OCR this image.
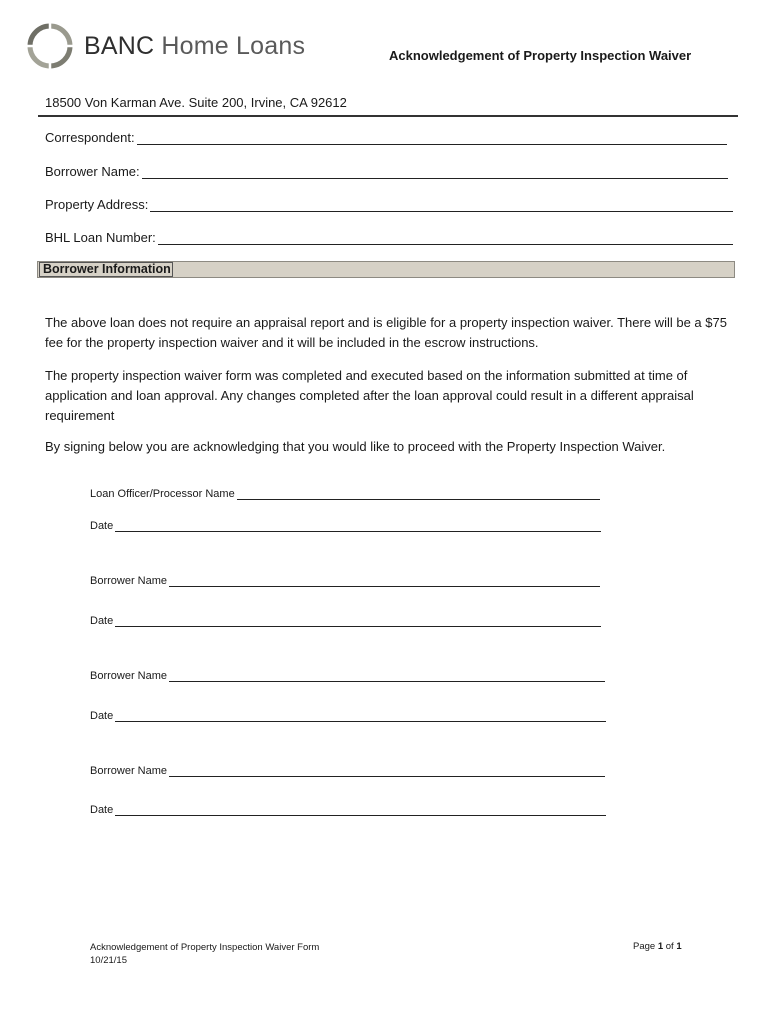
BANC Home Loans	Acknowledgement of Property Inspection Waiver
18500 Von Karman Ave. Suite 200, Irvine, CA 92612
Correspondent:
Borrower Name:
Property Address:
BHL Loan Number:
Borrower Information
The above loan does not require an appraisal report and is eligible for a property inspection waiver. There will be a $75 fee for the property inspection waiver and it will be included in the escrow instructions.
The property inspection waiver form was completed and executed based on the information submitted at time of application and loan approval. Any changes completed after the loan approval could result in a different appraisal requirement
By signing below you are acknowledging that you would like to proceed with the Property Inspection Waiver.
Loan Officer/Processor Name
Date
Borrower Name
Date
Borrower Name
Date
Borrower Name
Date
Acknowledgement of Property Inspection Waiver Form
10/21/15
Page 1 of 1
